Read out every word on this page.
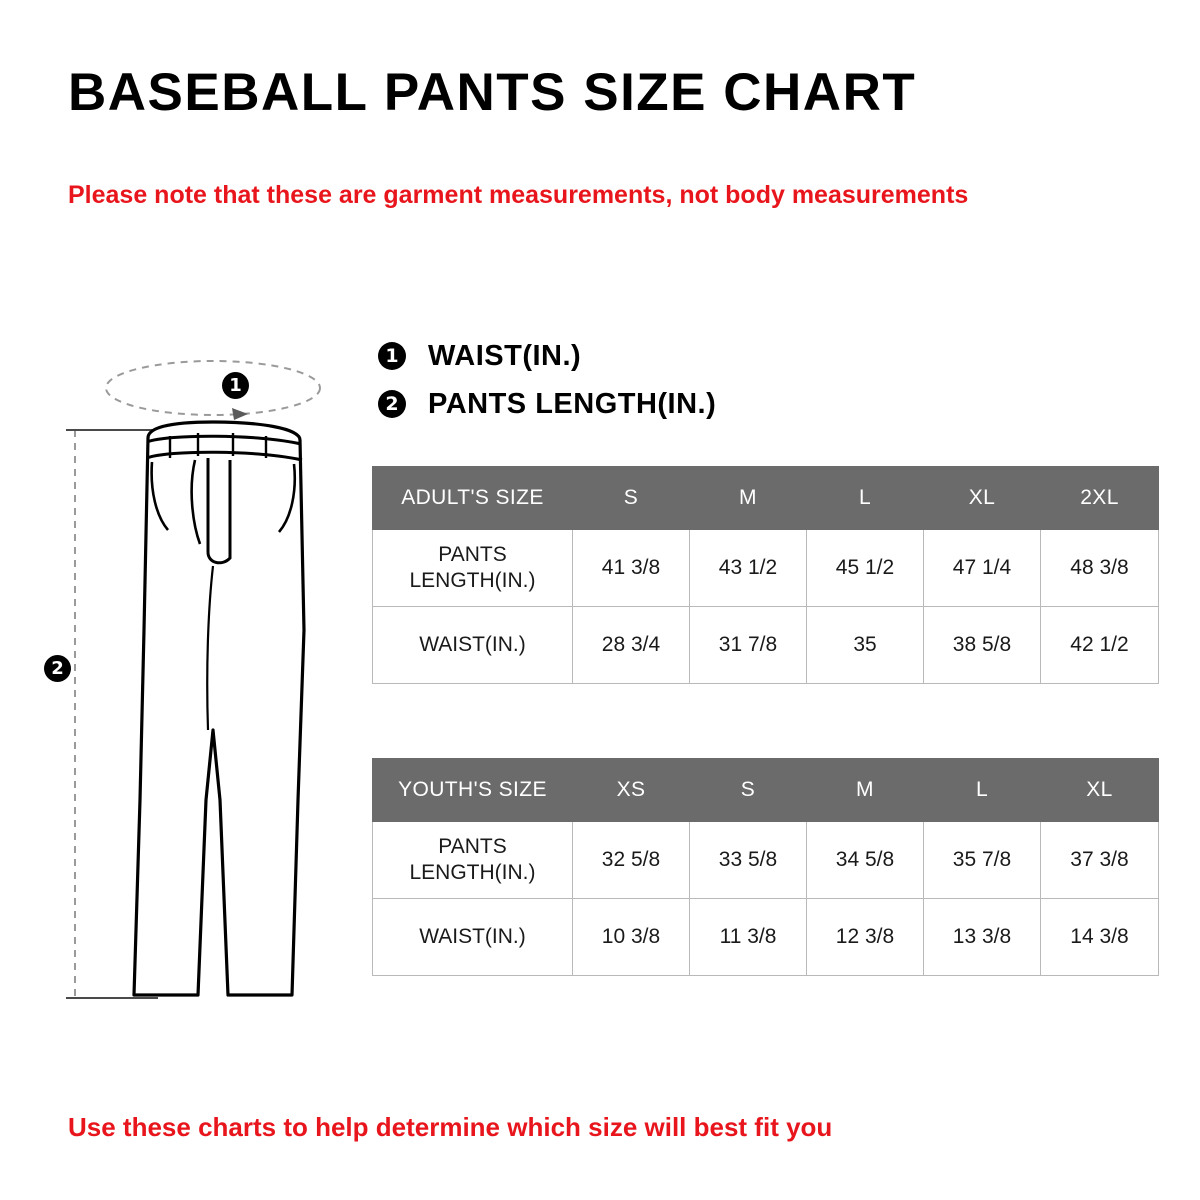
BASEBALL PANTS SIZE CHART
Please note that these are garment measurements, not body measurements
1 WAIST(IN.)
2 PANTS LENGTH(IN.)
1
2
ADULT'S SIZE	S	M	L	XL	2XL
PANTS LENGTH(IN.)	41 3/8	43 1/2	45 1/2	47 1/4	48 3/8
WAIST(IN.)	28 3/4	31 7/8	35	38 5/8	42 1/2
YOUTH'S SIZE	XS	S	M	L	XL
PANTS LENGTH(IN.)	32 5/8	33 5/8	34 5/8	35 7/8	37 3/8
WAIST(IN.)	10 3/8	11 3/8	12 3/8	13 3/8	14 3/8
Use these charts to help determine which size will best fit you
